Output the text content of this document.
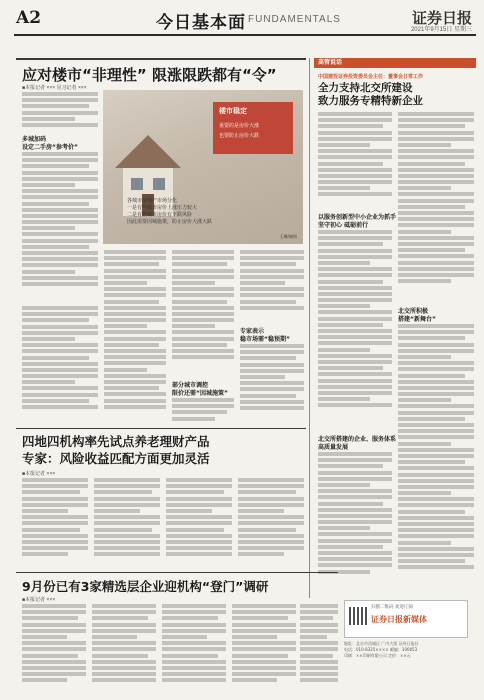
A2	今日基本面 FUNDAMENTALS	证券日报
2021年9月15日 星期三
应对楼市“非理性” 限涨限跌都有“令”
■本报记者 ××× 见习记者 ×××
多城加码
设定二手房“参考价”
楼市稳定
重要的是房价大涨
也要防止房价大跌
各城市房地产市场分化
一是有些城市房价上涨压力较大
二是有些城市房价有下跌风险
因此需要因城施策，防止房价大涨大跌
王琳/制图
部分城市调控
限价还需“因城施策”
专家表示
稳市场需“稳预期”
高管说话
中国建投证券投资委员会主任：董事会日常工作
全力支持北交所建设
致力服务专精特新企业
以服务创新型中小企业为抓手
坚守初心 砥砺前行
北交所搭建的企业、服务体系
高质量发展
北交所积极
搭建“新舞台”
四地四机构率先试点养老理财产品
专家：风险收益匹配方面更加灵活
■本报记者 ×××
9月份已有3家精选层企业迎机构“登门”调研
■本报记者 ×××
扫描二维码 欢迎订阅
证券日报新媒体
地址：北京市西城区 广内大街 证券日报社
电话：010-8325×××× 邮编：100053
印刷：××印刷有限公司 定价：××元
